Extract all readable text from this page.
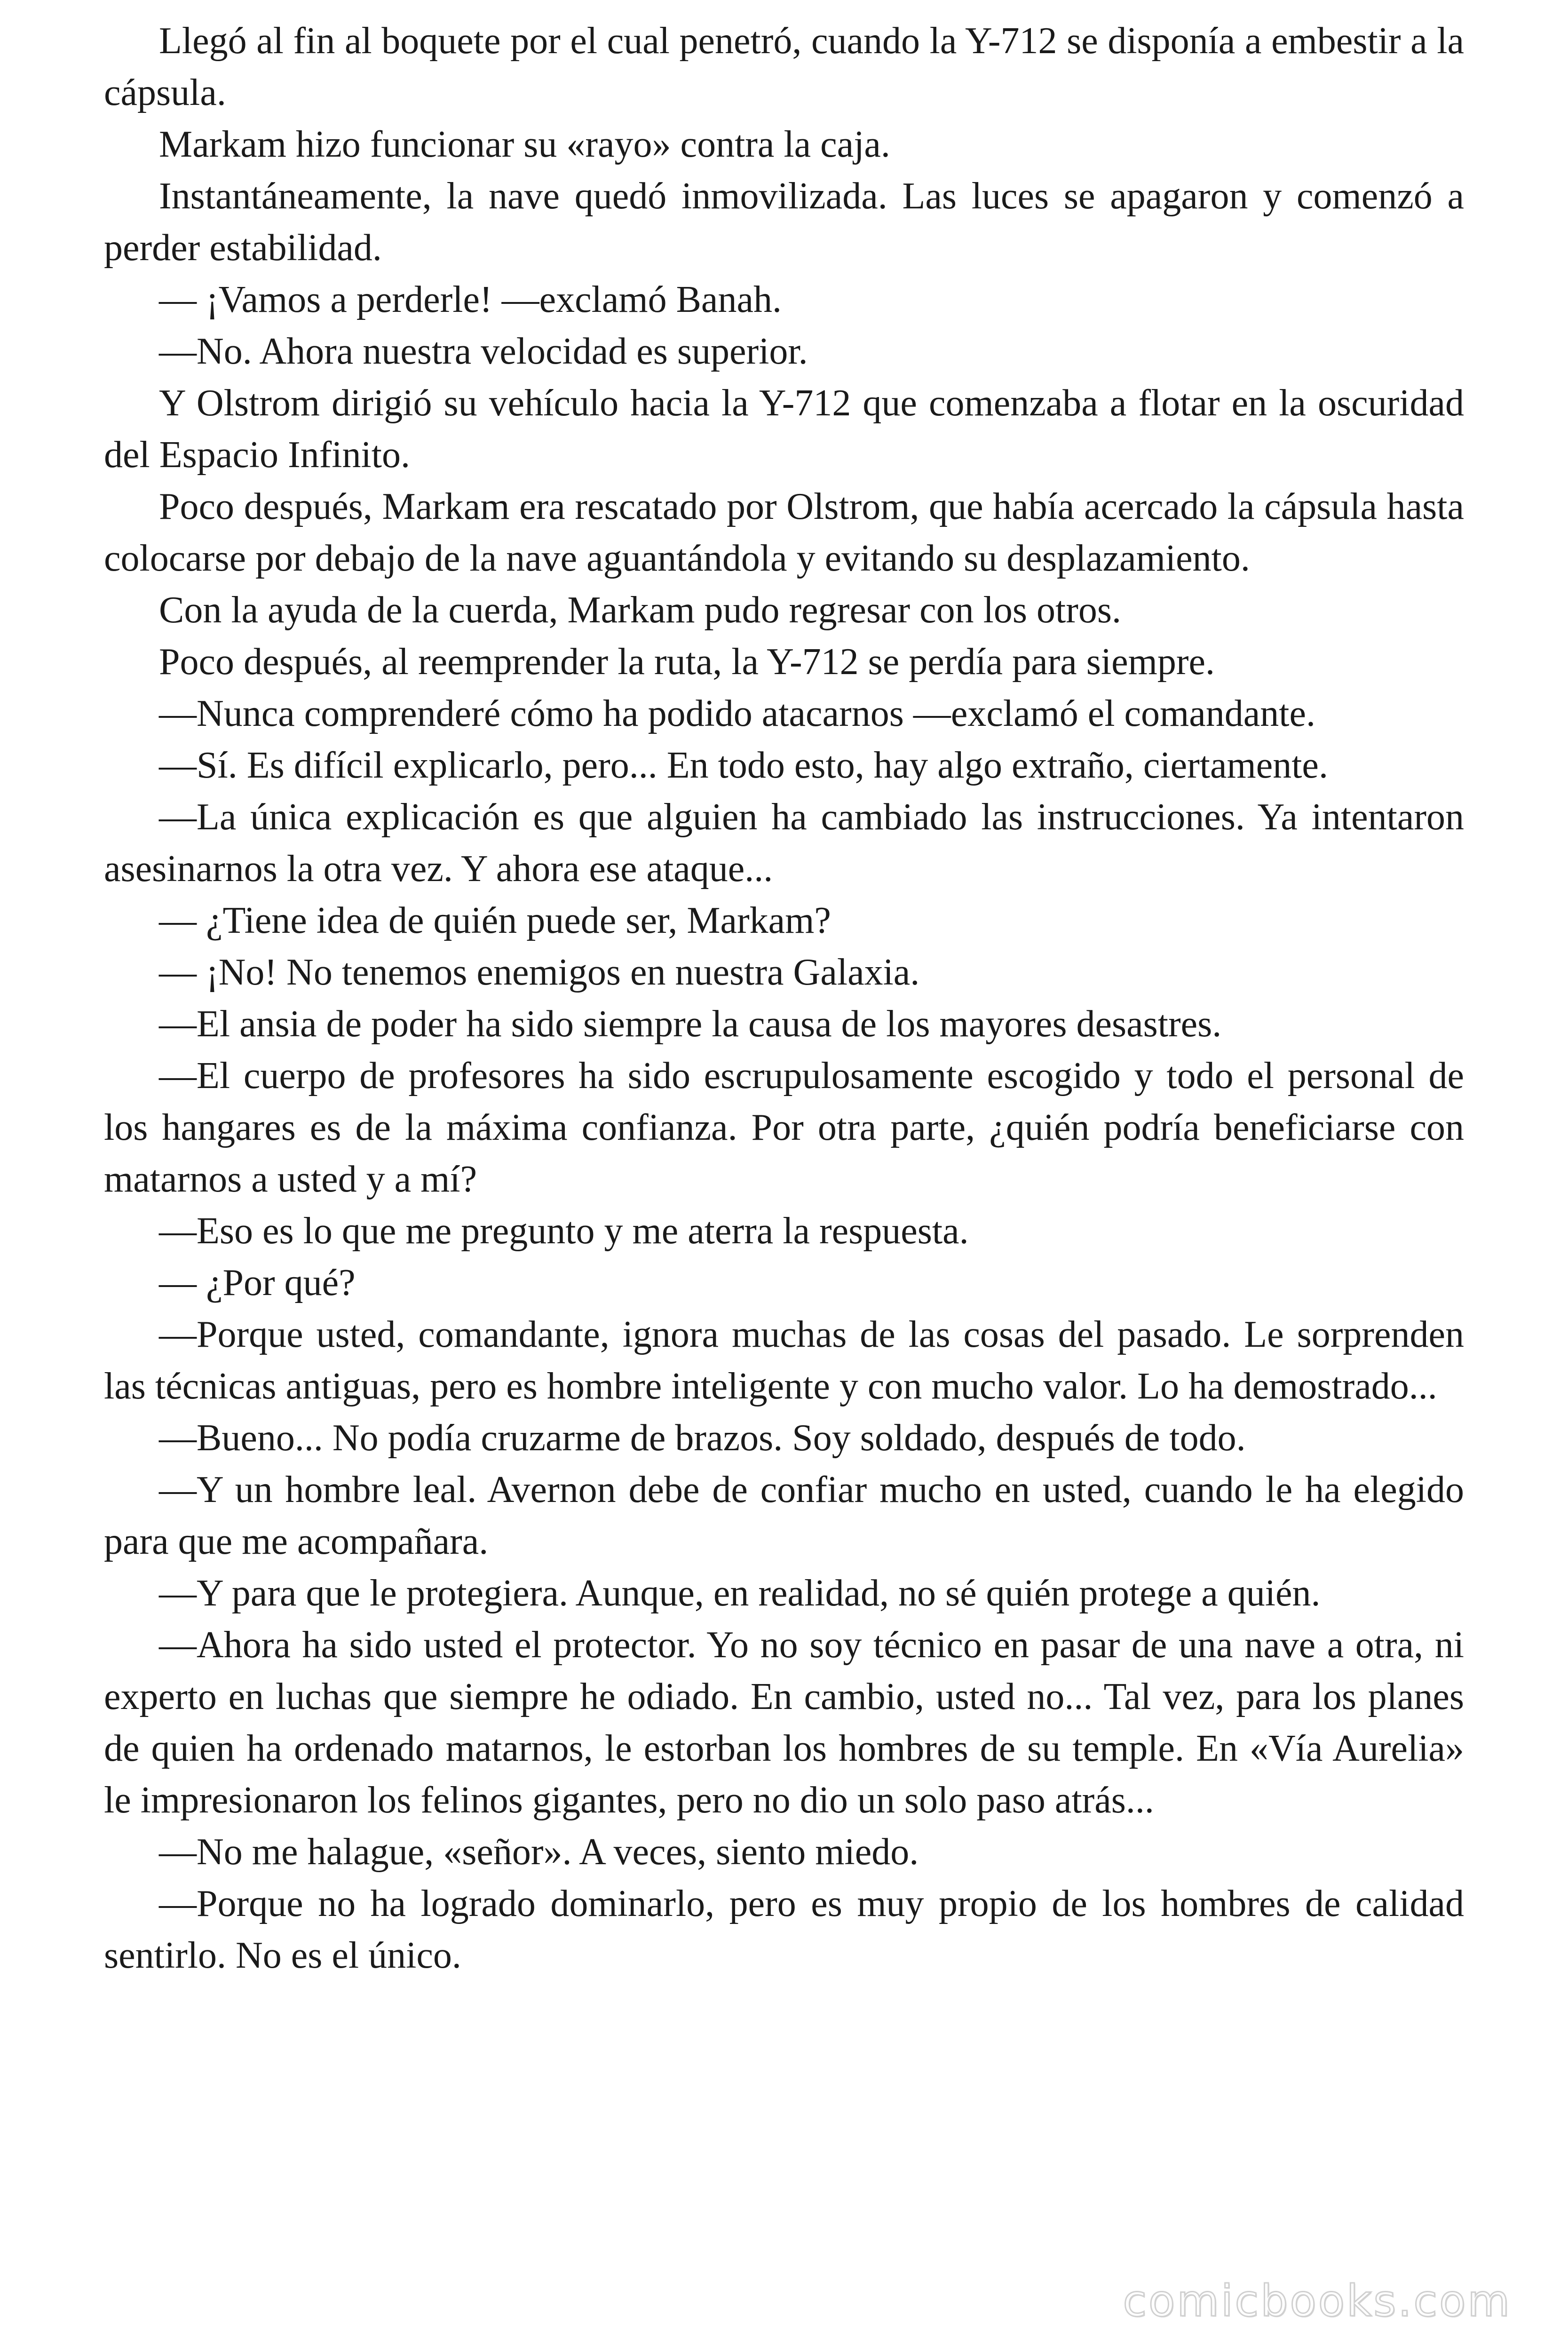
Llegó al fin al boquete por el cual penetró, cuando la Y-712 se disponía a embestir a la cápsula.

Markam hizo funcionar su «rayo» contra la caja.

Instantáneamente, la nave quedó inmovilizada. Las luces se apagaron y comenzó a perder estabilidad.

— ¡Vamos a perderle! —exclamó Banah.

—No. Ahora nuestra velocidad es superior.

Y Olstrom dirigió su vehículo hacia la Y-712 que comenzaba a flotar en la oscuridad del Espacio Infinito.

Poco después, Markam era rescatado por Olstrom, que había acercado la cápsula hasta colocarse por debajo de la nave aguantándola y evitando su desplazamiento.

Con la ayuda de la cuerda, Markam pudo regresar con los otros.

Poco después, al reemprender la ruta, la Y-712 se perdía para siempre.

—Nunca comprenderé cómo ha podido atacarnos —exclamó el comandante.

—Sí. Es difícil explicarlo, pero... En todo esto, hay algo extraño, ciertamente.

—La única explicación es que alguien ha cambiado las instrucciones. Ya intentaron asesinarnos la otra vez. Y ahora ese ataque...

— ¿Tiene idea de quién puede ser, Markam?

— ¡No! No tenemos enemigos en nuestra Galaxia.

—El ansia de poder ha sido siempre la causa de los mayores desastres.

—El cuerpo de profesores ha sido escrupulosamente escogido y todo el personal de los hangares es de la máxima confianza. Por otra parte, ¿quién podría beneficiarse con matarnos a usted y a mí?

—Eso es lo que me pregunto y me aterra la respuesta.

— ¿Por qué?

—Porque usted, comandante, ignora muchas de las cosas del pasado. Le sorprenden las técnicas antiguas, pero es hombre inteligente y con mucho valor. Lo ha demostrado...

—Bueno... No podía cruzarme de brazos. Soy soldado, después de todo.

—Y un hombre leal. Avernon debe de confiar mucho en usted, cuando le ha elegido para que me acompañara.

—Y para que le protegiera. Aunque, en realidad, no sé quién protege a quién.

—Ahora ha sido usted el protector. Yo no soy técnico en pasar de una nave a otra, ni experto en luchas que siempre he odiado. En cambio, usted no... Tal vez, para los planes de quien ha ordenado matarnos, le estorban los hombres de su temple. En «Vía Aurelia» le impresionaron los felinos gigantes, pero no dio un solo paso atrás...

—No me halague, «señor». A veces, siento miedo.

—Porque no ha logrado dominarlo, pero es muy propio de los hombres de calidad sentirlo. No es el único.

comicbooks.com
